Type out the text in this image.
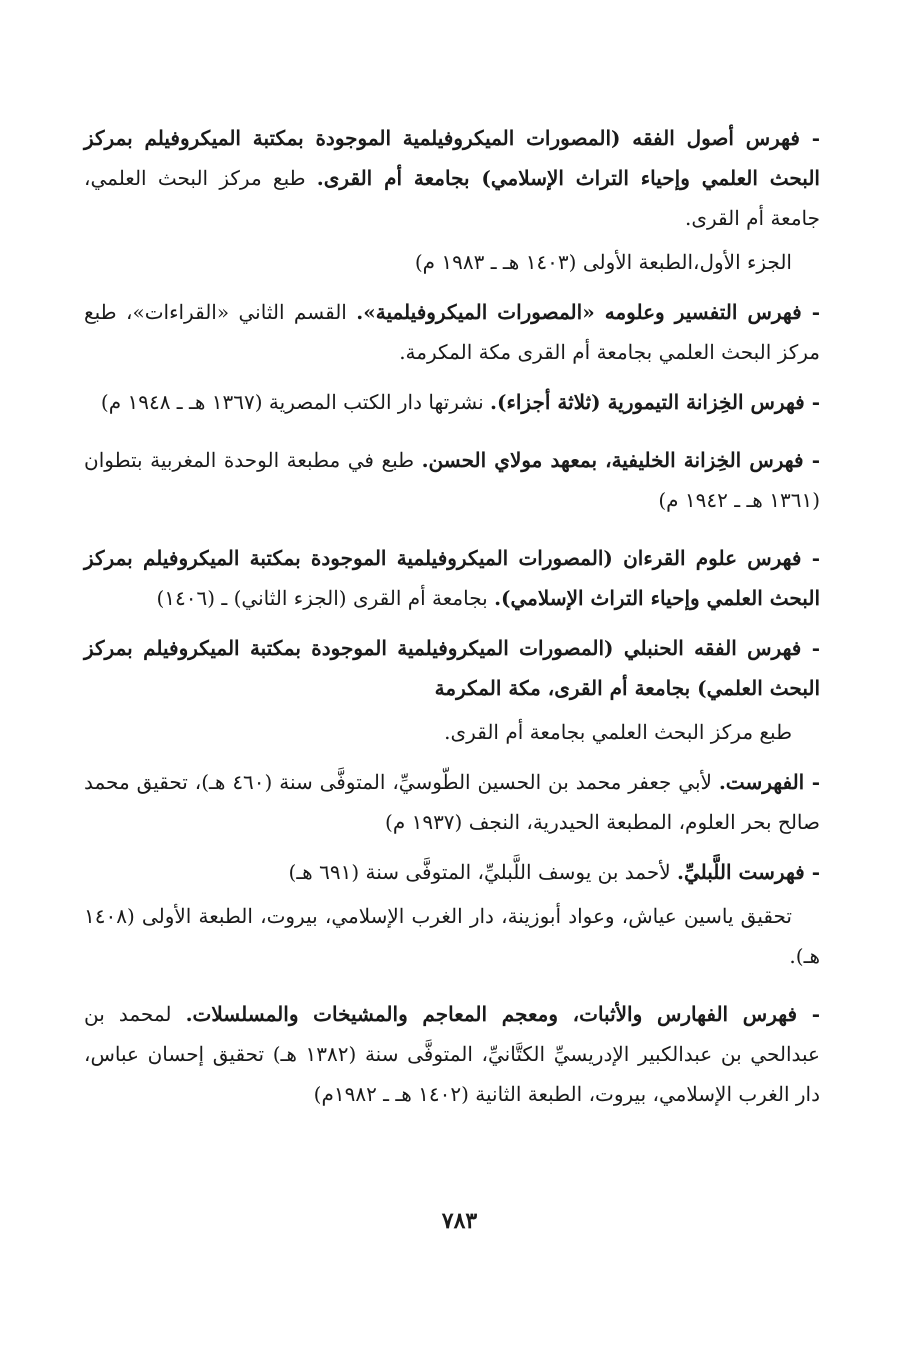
- فهرس أصول الفقه (المصورات الميكروفيلمية الموجودة بمكتبة الميكروفيلم بمركز البحث العلمي وإحياء التراث الإسلامي) بجامعة أم القرى. طبع مركز البحث العلمي، جامعة أم القرى.

الجزء الأول،الطبعة الأولى (١٤٠٣ هـ ـ ١٩٨٣ م)

- فهرس التفسير وعلومه «المصورات الميكروفيلمية». القسم الثاني «القراءات»، طبع مركز البحث العلمي بجامعة أم القرى مكة المكرمة.

- فهرس الخِزانة التيمورية (ثلاثة أجزاء). نشرتها دار الكتب المصرية (١٣٦٧ هـ ـ ١٩٤٨ م)

- فهرس الخِزانة الخليفية، بمعهد مولاي الحسن. طبع في مطبعة الوحدة المغربية بتطوان (١٣٦١ هـ ـ ١٩٤٢ م)

- فهرس علوم القرءان (المصورات الميكروفيلمية الموجودة بمكتبة الميكروفيلم بمركز البحث العلمي وإحياء التراث الإسلامي). بجامعة أم القرى (الجزء الثاني) ـ (١٤٠٦)

- فهرس الفقه الحنبلي (المصورات الميكروفيلمية الموجودة بمكتبة الميكروفيلم بمركز البحث العلمي) بجامعة أم القرى، مكة المكرمة

طبع مركز البحث العلمي بجامعة أم القرى.

- الفهرست. لأبي جعفر محمد بن الحسين الطّوسيِّ، المتوفَّى سنة (٤٦٠ هـ)، تحقيق محمد صالح بحر العلوم، المطبعة الحيدرية، النجف (١٩٣٧ م)

- فهرست اللَّبليِّ. لأحمد بن يوسف اللَّبليِّ، المتوفَّى سنة (٦٩١ هـ)

تحقيق ياسين عياش، وعواد أبوزينة، دار الغرب الإسلامي، بيروت، الطبعة الأولى (١٤٠٨ هـ).

- فهرس الفهارس والأثبات، ومعجم المعاجم والمشيخات والمسلسلات. لمحمد بن عبدالحي بن عبدالكبير الإدريسيِّ الكتَّانيِّ، المتوفَّى سنة (١٣٨٢ هـ) تحقيق إحسان عباس، دار الغرب الإسلامي، بيروت، الطبعة الثانية (١٤٠٢ هـ ـ ١٩٨٢م)

٧٨٣
